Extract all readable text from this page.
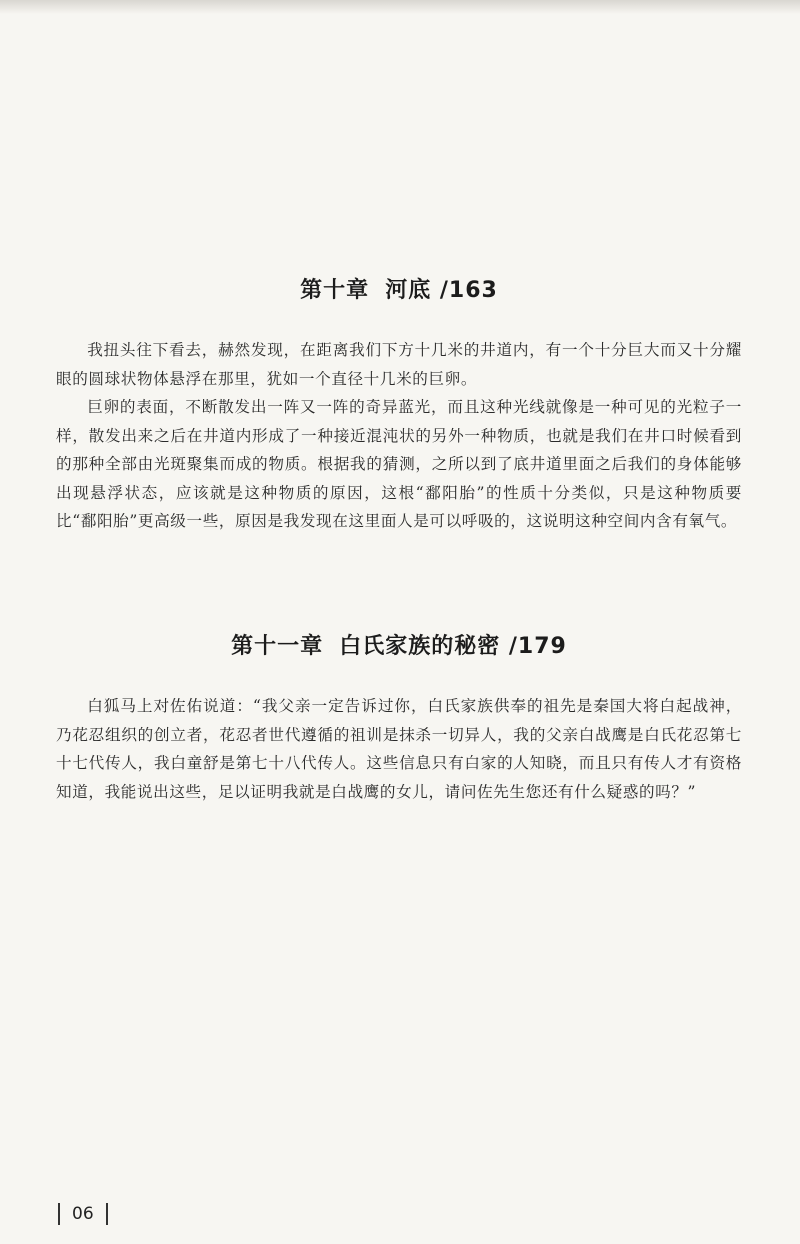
第十章 河底 /163

我扭头往下看去，赫然发现，在距离我们下方十几米的井道内，有一个十分巨大而又十分耀眼的圆球状物体悬浮在那里，犹如一个直径十几米的巨卵。

巨卵的表面，不断散发出一阵又一阵的奇异蓝光，而且这种光线就像是一种可见的光粒子一样，散发出来之后在井道内形成了一种接近混沌状的另外一种物质，也就是我们在井口时候看到的那种全部由光斑聚集而成的物质。根据我的猜测，之所以到了底井道里面之后我们的身体能够出现悬浮状态，应该就是这种物质的原因，这根“鄱阳胎”的性质十分类似，只是这种物质要比“鄱阳胎”更高级一些，原因是我发现在这里面人是可以呼吸的，这说明这种空间内含有氧气。

第十一章 白氏家族的秘密 /179

白狐马上对佐佑说道：“我父亲一定告诉过你，白氏家族供奉的祖先是秦国大将白起战神，乃花忍组织的创立者，花忍者世代遵循的祖训是抹杀一切异人，我的父亲白战鹰是白氏花忍第七十七代传人，我白童舒是第七十八代传人。这些信息只有白家的人知晓，而且只有传人才有资格知道，我能说出这些，足以证明我就是白战鹰的女儿，请问佐先生您还有什么疑惑的吗？”

06
